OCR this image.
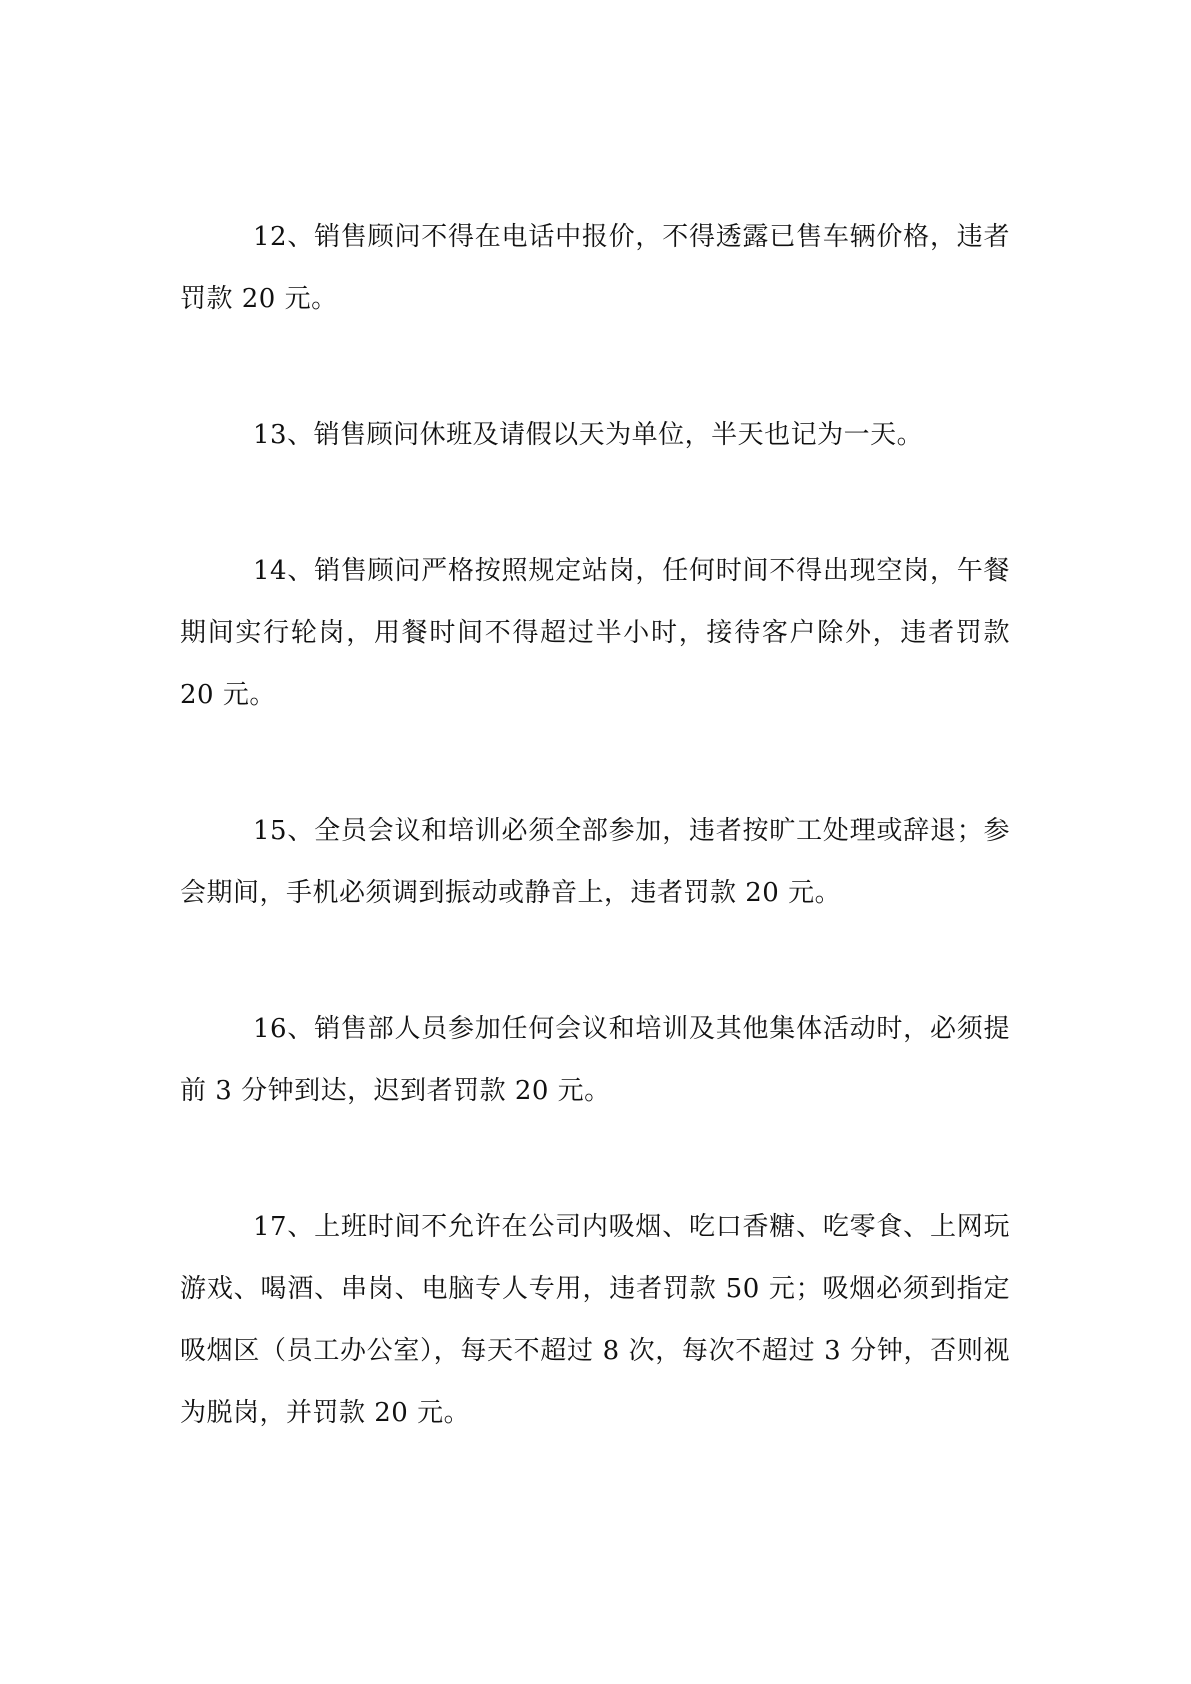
12、销售顾问不得在电话中报价，不得透露已售车辆价格，违者罚款 20 元。

13、销售顾问休班及请假以天为单位，半天也记为一天。

14、销售顾问严格按照规定站岗，任何时间不得出现空岗，午餐期间实行轮岗，用餐时间不得超过半小时，接待客户除外，违者罚款 20 元。

15、全员会议和培训必须全部参加，违者按旷工处理或辞退；参会期间，手机必须调到振动或静音上，违者罚款 20 元。

16、销售部人员参加任何会议和培训及其他集体活动时，必须提前 3 分钟到达，迟到者罚款 20 元。

17、上班时间不允许在公司内吸烟、吃口香糖、吃零食、上网玩游戏、喝酒、串岗、电脑专人专用，违者罚款 50 元；吸烟必须到指定吸烟区（员工办公室），每天不超过 8 次，每次不超过 3 分钟，否则视为脱岗，并罚款 20 元。
